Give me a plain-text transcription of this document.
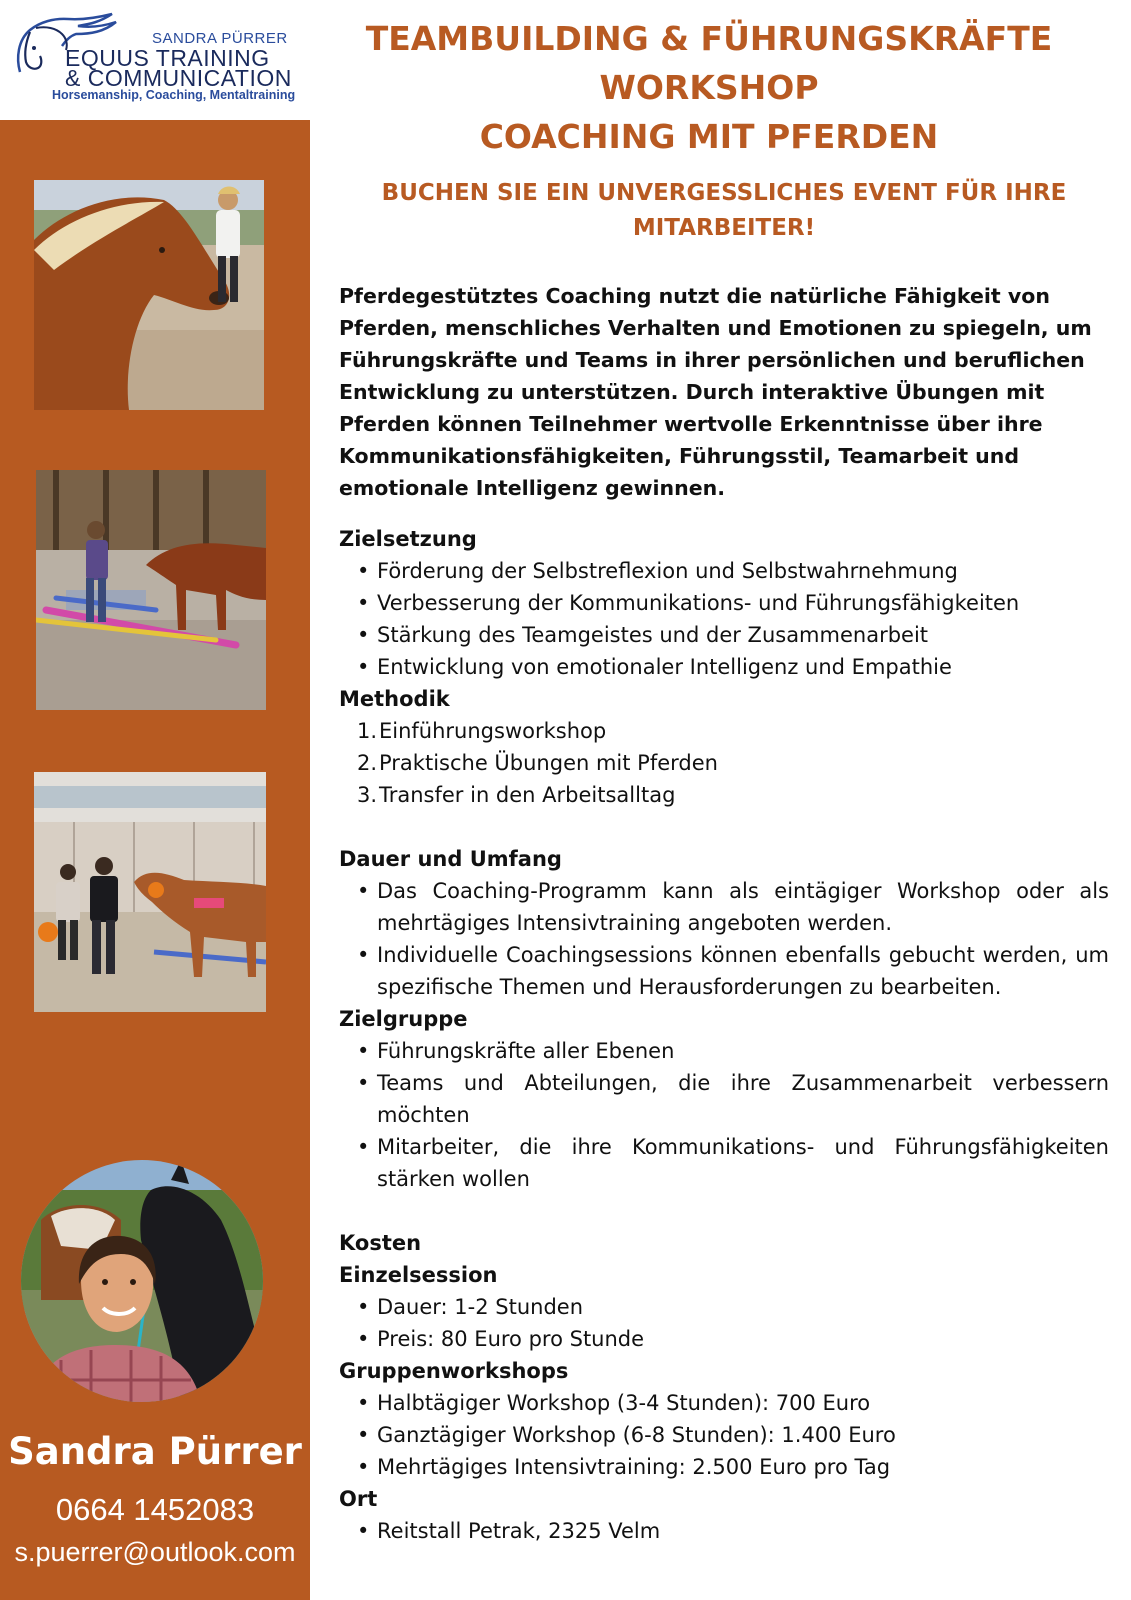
SANDRA PÜRRER
EQUUS TRAINING
& COMMUNICATION
Horsemanship, Coaching, Mentaltraining
Sandra Pürrer
0664 1452083
s.puerrer@outlook.com
TEAMBUILDING & FÜHRUNGSKRÄFTE
WORKSHOP
COACHING MIT PFERDEN
BUCHEN SIE EIN UNVERGESSLICHES EVENT FÜR IHRE
MITARBEITER!
Pferdegestütztes Coaching nutzt die natürliche Fähigkeit von
Pferden, menschliches Verhalten und Emotionen zu spiegeln, um
Führungskräfte und Teams in ihrer persönlichen und beruflichen
Entwicklung zu unterstützen. Durch interaktive Übungen mit
Pferden können Teilnehmer wertvolle Erkenntnisse über ihre
Kommunikationsfähigkeiten, Führungsstil, Teamarbeit und
emotionale Intelligenz gewinnen.
Zielsetzung
• Förderung der Selbstreflexion und Selbstwahrnehmung
• Verbesserung der Kommunikations- und Führungsfähigkeiten
• Stärkung des Teamgeistes und der Zusammenarbeit
• Entwicklung von emotionaler Intelligenz und Empathie
Methodik
1. Einführungsworkshop
2. Praktische Übungen mit Pferden
3. Transfer in den Arbeitsalltag
Dauer und Umfang
• Das Coaching-Programm kann als eintägiger Workshop oder als mehrtägiges Intensivtraining angeboten werden.
• Individuelle Coachingsessions können ebenfalls gebucht werden, um spezifische Themen und Herausforderungen zu bearbeiten.
Zielgruppe
• Führungskräfte aller Ebenen
• Teams und Abteilungen, die ihre Zusammenarbeit verbessern möchten
• Mitarbeiter, die ihre Kommunikations- und Führungsfähigkeiten stärken wollen
Kosten
Einzelsession
• Dauer: 1-2 Stunden
• Preis: 80 Euro pro Stunde
Gruppenworkshops
• Halbtägiger Workshop (3-4 Stunden): 700 Euro
• Ganztägiger Workshop (6-8 Stunden): 1.400 Euro
• Mehrtägiges Intensivtraining: 2.500 Euro pro Tag
Ort
• Reitstall Petrak, 2325 Velm
